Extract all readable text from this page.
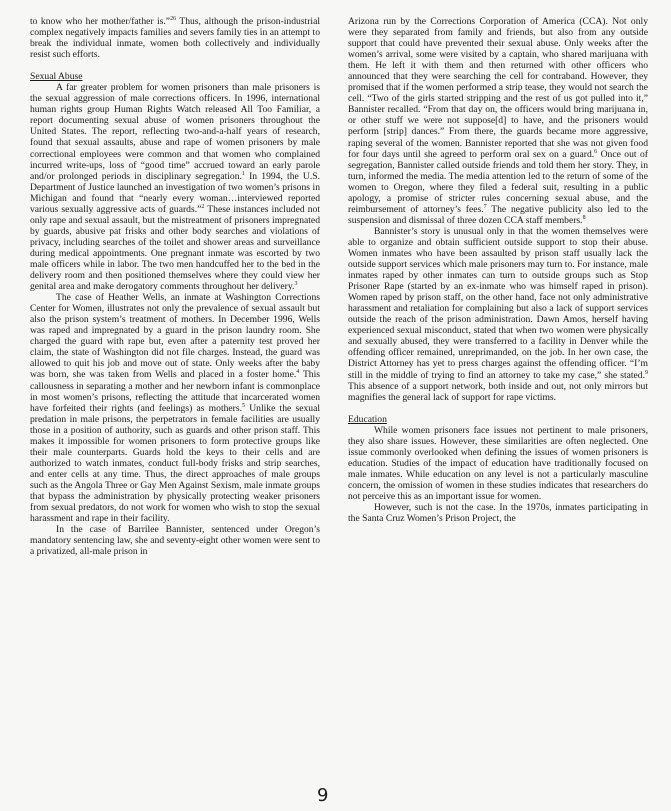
to know who her mother/father is.”$^{26}$ Thus, although the prison-industrial complex negatively impacts families and severs family ties in an attempt to break the individual inmate, women both collectively and individually resist such efforts.

Sexual Abuse

A far greater problem for women prisoners than male prisoners is the sexual aggression of male corrections officers. In 1996, international human rights group Human Rights Watch released All Too Familiar, a report documenting sexual abuse of women prisoners throughout the United States. The report, reflecting two-and-a-half years of research, found that sexual assaults, abuse and rape of women prisoners by male correctional employees were common and that women who complained incurred write-ups, loss of “good time” accrued toward an early parole and/or prolonged periods in disciplinary segregation.$^1$ In 1994, the U.S. Department of Justice launched an investigation of two women’s prisons in Michigan and found that “nearly every woman…interviewed reported various sexually aggressive acts of guards.”$^2$ These instances included not only rape and sexual assault, but the mistreatment of prisoners impregnated by guards, abusive pat frisks and other body searches and violations of privacy, including searches of the toilet and shower areas and surveillance during medical appointments. One pregnant inmate was escorted by two male officers while in labor. The two men handcuffed her to the bed in the delivery room and then positioned themselves where they could view her genital area and make derogatory comments throughout her delivery.$^3$

The case of Heather Wells, an inmate at Washington Corrections Center for Women, illustrates not only the prevalence of sexual assault but also the prison system’s treatment of mothers. In December 1996, Wells was raped and impregnated by a guard in the prison laundry room. She charged the guard with rape but, even after a paternity test proved her claim, the state of Washington did not file charges. Instead, the guard was allowed to quit his job and move out of state. Only weeks after the baby was born, she was taken from Wells and placed in a foster home.$^4$ This callousness in separating a mother and her newborn infant is commonplace in most women’s prisons, reflecting the attitude that incarcerated women have forfeited their rights (and feelings) as mothers.$^5$ Unlike the sexual predation in male prisons, the perpetrators in female facilities are usually those in a position of authority, such as guards and other prison staff. This makes it impossible for women prisoners to form protective groups like their male counterparts. Guards hold the keys to their cells and are authorized to watch inmates, conduct full-body frisks and strip searches, and enter cells at any time. Thus, the direct approaches of male groups such as the Angola Three or Gay Men Against Sexism, male inmate groups that bypass the administration by physically protecting weaker prisoners from sexual predators, do not work for women who wish to stop the sexual harassment and rape in their facility.

In the case of Barrilee Bannister, sentenced under Oregon’s mandatory sentencing law, she and seventy-eight other women were sent to a privatized, all-male prison in

Arizona run by the Corrections Corporation of America (CCA). Not only were they separated from family and friends, but also from any outside support that could have prevented their sexual abuse. Only weeks after the women’s arrival, some were visited by a captain, who shared marijuana with them. He left it with them and then returned with other officers who announced that they were searching the cell for contraband. However, they promised that if the women performed a strip tease, they would not search the cell. “Two of the girls started stripping and the rest of us got pulled into it,” Bannister recalled. “From that day on, the officers would bring marijuana in, or other stuff we were not suppose[d] to have, and the prisoners would perform [strip] dances.” From there, the guards became more aggressive, raping several of the women. Bannister reported that she was not given food for four days until she agreed to perform oral sex on a guard.$^6$ Once out of segregation, Bannister called outside friends and told them her story. They, in turn, informed the media. The media attention led to the return of some of the women to Oregon, where they filed a federal suit, resulting in a public apology, a promise of stricter rules concerning sexual abuse, and the reimbursement of attorney’s fees.$^7$ The negative publicity also led to the suspension and dismissal of three dozen CCA staff members.$^8$

Bannister’s story is unusual only in that the women themselves were able to organize and obtain sufficient outside support to stop their abuse. Women inmates who have been assaulted by prison staff usually lack the outside support services which male prisoners may turn to. For instance, male inmates raped by other inmates can turn to outside groups such as Stop Prisoner Rape (started by an ex-inmate who was himself raped in prison). Women raped by prison staff, on the other hand, face not only administrative harassment and retaliation for complaining but also a lack of support services outside the reach of the prison administration. Dawn Amos, herself having experienced sexual misconduct, stated that when two women were physically and sexually abused, they were transferred to a facility in Denver while the offending officer remained, unreprimanded, on the job. In her own case, the District Attorney has yet to press charges against the offending officer. “I’m still in the middle of trying to find an attorney to take my case,” she stated.$^9$ This absence of a support network, both inside and out, not only mirrors but magnifies the general lack of support for rape victims.

Education

While women prisoners face issues not pertinent to male prisoners, they also share issues. However, these similarities are often neglected. One issue commonly overlooked when defining the issues of women prisoners is education. Studies of the impact of education have traditionally focused on male inmates. While education on any level is not a particularly masculine concern, the omission of women in these studies indicates that researchers do not perceive this as an important issue for women.

However, such is not the case. In the 1970s, inmates participating in the Santa Cruz Women’s Prison Project, the

9
